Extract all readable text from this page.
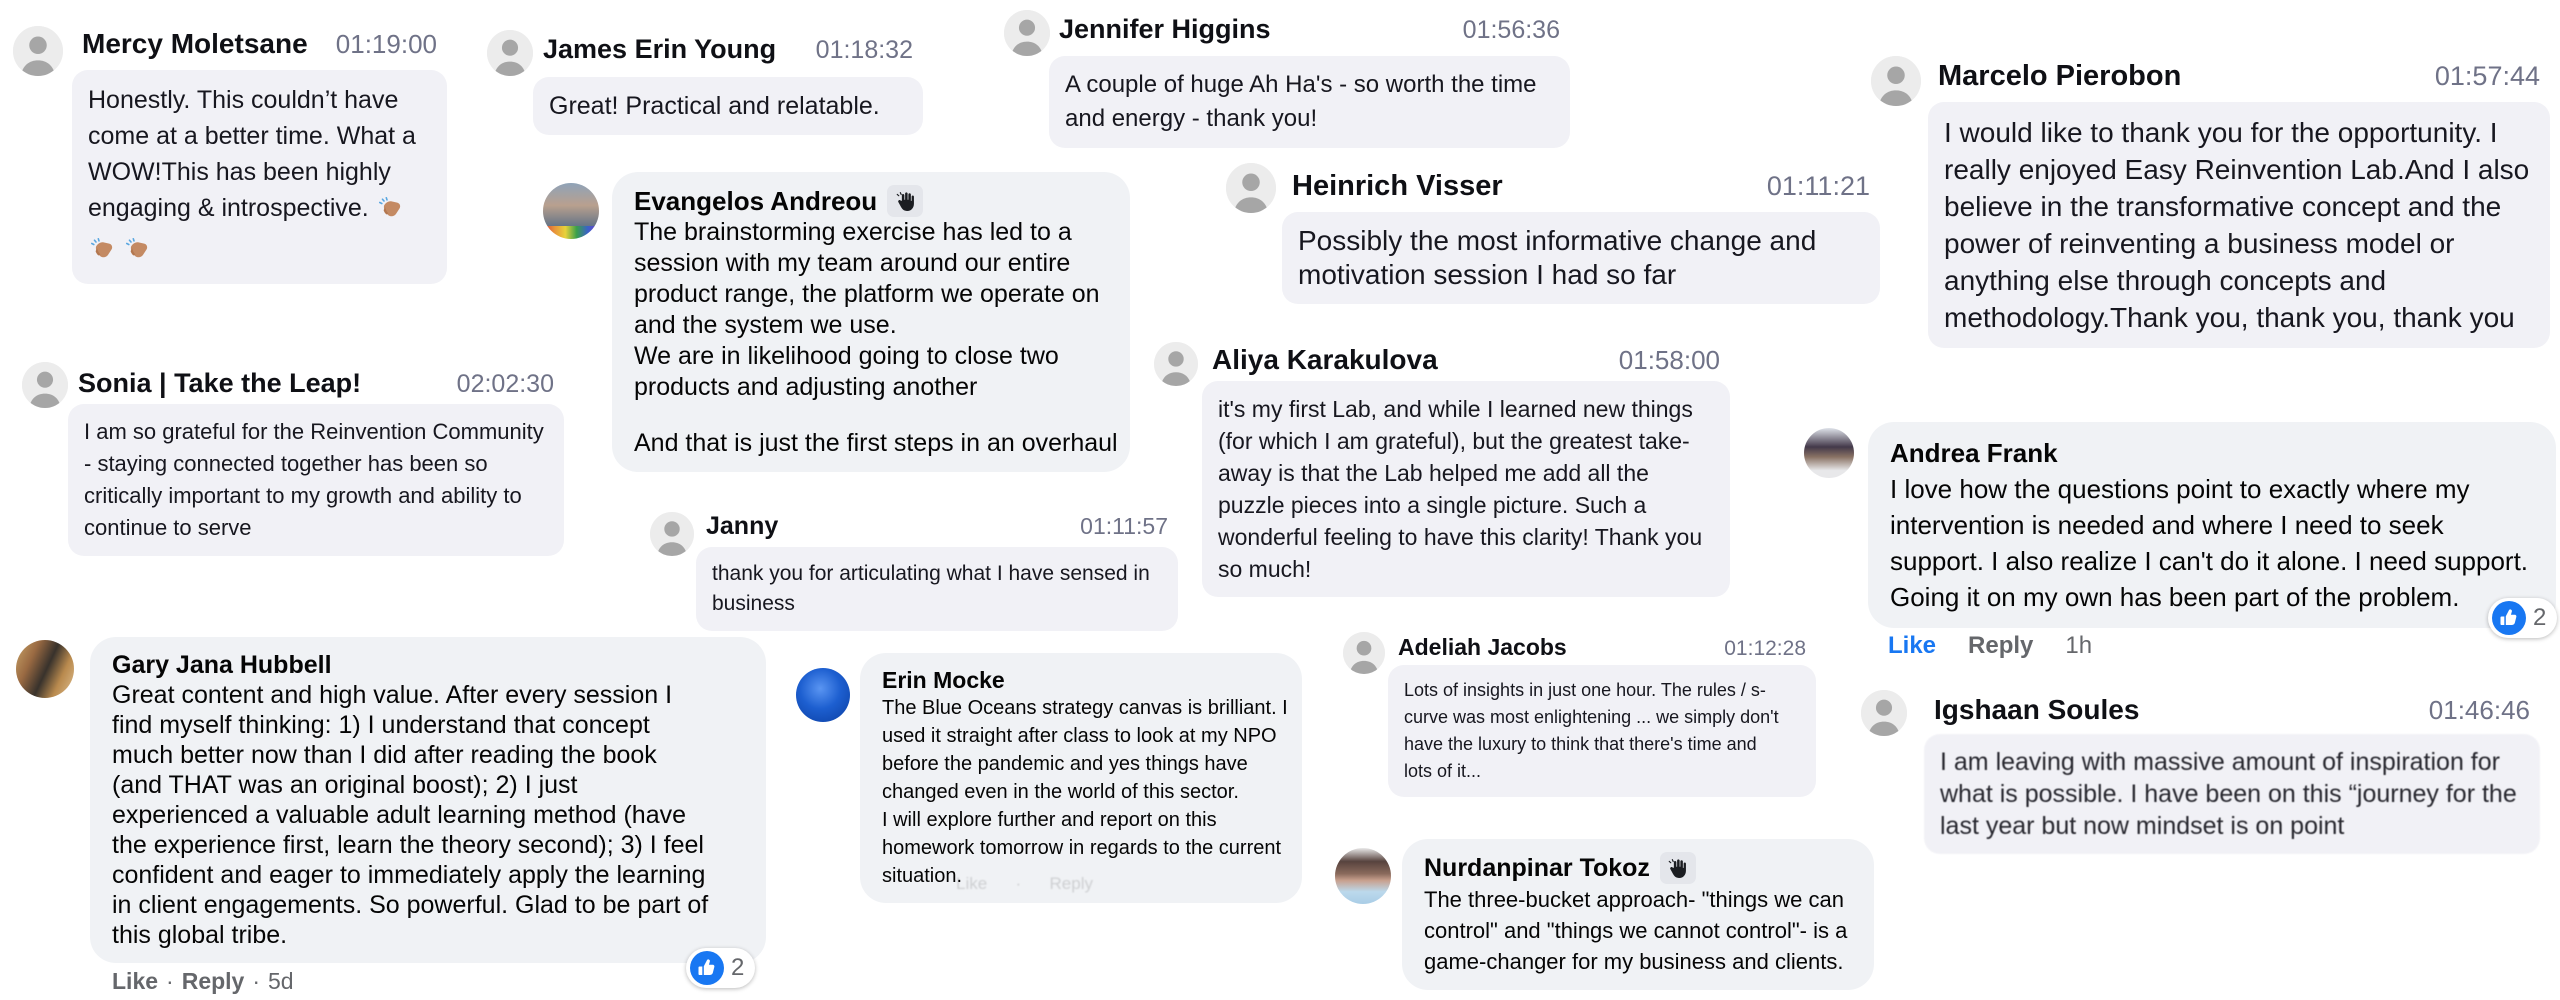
Mercy Moletsane 01:19:00
Honestly. This couldn’t have
come at a better time. What a
WOW!This has been highly
engaging & introspective.

Sonia | Take the Leap!	02:02:30
I am so grateful for the Reinvention Community
- staying connected together has been so
critically important to my growth and ability to
continue to serve
Gary Jana Hubbell
Great content and high value. After every session I
find myself thinking: 1) I understand that concept
much better now than I did after reading the book
(and THAT was an original boost); 2) I just
experienced a valuable adult learning method (have
the experience first, learn the theory second); 3) I feel
confident and eager to immediately apply the learning
in client engagements. So powerful. Glad to be part of
this global tribe.
Like · Reply · 5d	2
James Erin Young 01:18:32
Great! Practical and relatable.
Evangelos Andreou
The brainstorming exercise has led to a
session with my team around our entire
product range, the platform we operate on
and the system we use.
We are in likelihood going to close two
products and adjusting another
And that is just the first steps in an overhaul
Janny	01:11:57
thank you for articulating what I have sensed in
business
Erin Mocke
The Blue Oceans strategy canvas is brilliant. I
used it straight after class to look at my NPO
before the pandemic and yes things have
changed even in the world of this sector.
I will explore further and report on this
homework tomorrow in regards to the current
situation.
Like      ·      Reply
Jennifer Higgins	01:56:36
A couple of huge Ah Ha's - so worth the time
and energy - thank you!
Heinrich Visser	01:11:21
Possibly the most informative change and
motivation session I had so far
Aliya Karakulova	01:58:00
it's my first Lab, and while I learned new things
(for which I am grateful), but the greatest take-
away is that the Lab helped me add all the
puzzle pieces into a single picture. Such a
wonderful feeling to have this clarity! Thank you
so much!
Adeliah Jacobs	01:12:28
Lots of insights in just one hour. The rules / s-
curve was most enlightening ... we simply don't
have the luxury to think that there's time and
lots of it...
Nurdanpinar Tokoz
The three-bucket approach- "things we can
control" and "things we cannot control"- is a
game-changer for my business and clients.
Marcelo Pierobon	01:57:44
I would like to thank you for the opportunity. I
really enjoyed Easy Reinvention Lab.And I also
believe in the transformative concept and the
power of reinventing a business model or
anything else through concepts and
methodology.Thank you, thank you, thank you
Andrea Frank
I love how the questions point to exactly where my
intervention is needed and where I need to seek
support. I also realize I can't do it alone. I need support.
Going it on my own has been part of the problem.
Like Reply 1h
2
Igshaan Soules	01:46:46
I am leaving with massive amount of inspiration for
what is possible. I have been on this “journey for the
last year but now mindset is on point
